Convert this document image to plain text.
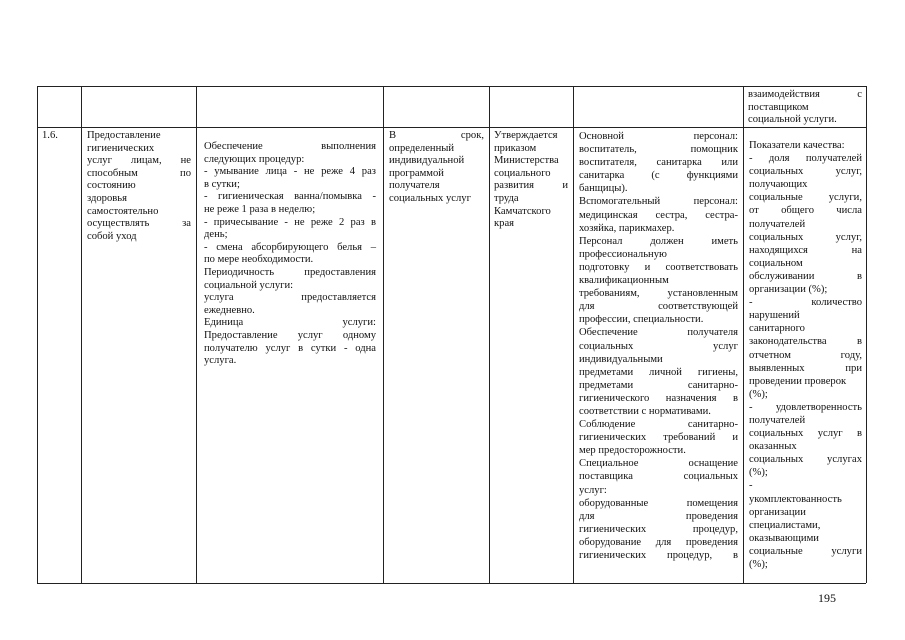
взаимодействия с

поставщиком

социальной услуги.

1.6.	Предоставление

гигиенических

услуг лицам, не

способным по

состоянию

здоровья

самостоятельно

осуществлять за

собой уход

Обеспечение выполнения

следующих процедур:

- умывание лица - не реже 4 раз

в сутки;

- гигиеническая ванна/помывка -

не реже 1 раза в неделю;

- причесывание - не реже 2 раз в

день;

- смена абсорбирующего белья –

по мере необходимости.

Периодичность предоставления

социальной услуги:

услуга предоставляется

ежедневно.

Единица услуги:

Предоставление услуг одному

получателю услуг в сутки - одна

услуга.

В срок,

определенный

индивидуальной

программой

получателя

социальных услуг

Утверждается

приказом

Министерства

социального

развития и

труда

Камчатского

края

Основной персонал:

воспитатель, помощник

воспитателя, санитарка или

санитарка (с функциями

банщицы).

Вспомогательный персонал:

медицинская сестра, сестра-

хозяйка, парикмахер.

Персонал должен иметь

профессиональную

подготовку и соответствовать

квалификационным

требованиям, установленным

для соответствующей

профессии, специальности.

Обеспечение получателя

социальных услуг

индивидуальными

предметами личной гигиены,

предметами санитарно-

гигиенического назначения в

соответствии с нормативами.

Соблюдение санитарно-

гигиенических требований и

мер предосторожности.

Специальное оснащение

поставщика социальных

услуг:

оборудованные помещения

для проведения

гигиенических процедур,

оборудование для проведения

гигиенических процедур, в

Показатели качества:

- доля получателей

социальных услуг,

получающих

социальные услуги,

от общего числа

получателей

социальных услуг,

находящихся на

социальном

обслуживании в

организации (%);

- количество

нарушений

санитарного

законодательства в

отчетном году,

выявленных при

проведении проверок

(%);

- удовлетворенность

получателей

социальных услуг в

оказанных

социальных услугах

(%);

-

укомплектованность

организации

специалистами,

оказывающими

социальные услуги

(%);

195
